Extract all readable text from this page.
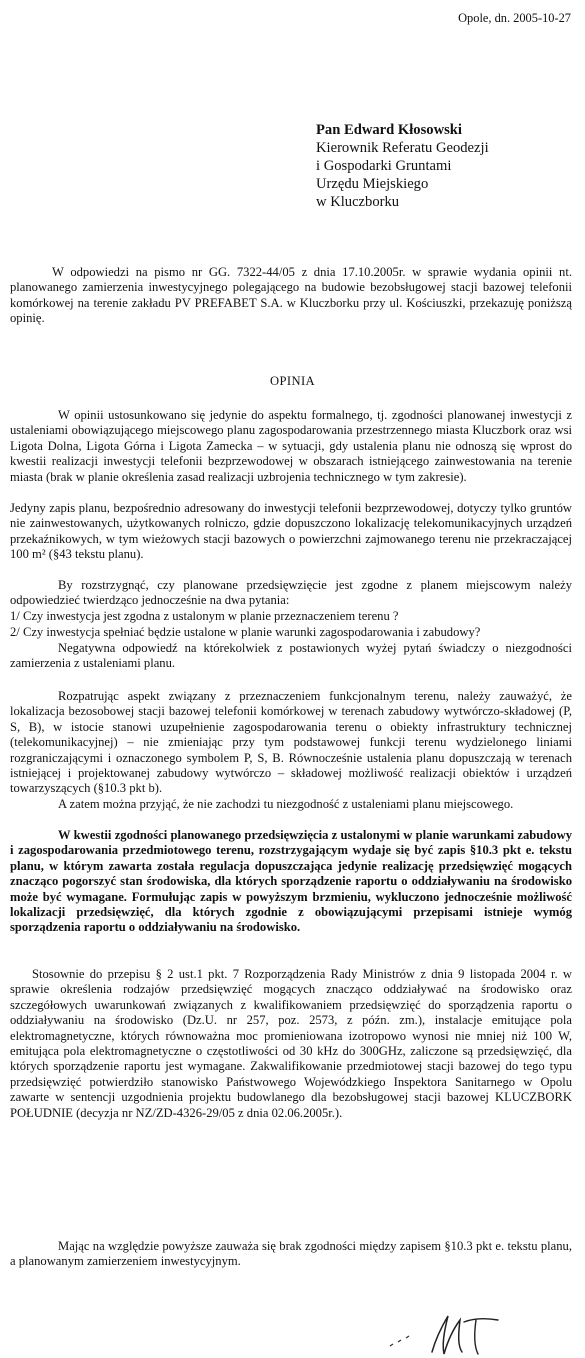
Opole, dn. 2005-10-27
Pan Edward Kłosowski
Kierownik Referatu Geodezji
i Gospodarki Gruntami
Urzędu Miejskiego
w Kluczborku

W odpowiedzi na pismo nr GG. 7322-44/05 z dnia 17.10.2005r. w sprawie wydania opinii nt. planowanego zamierzenia inwestycyjnego polegającego na budowie bezobsługowej stacji bazowej telefonii komórkowej na terenie zakładu PV PREFABET S.A. w Kluczborku przy ul. Kościuszki, przekazuję poniższą opinię.

OPINIA

W opinii ustosunkowano się jedynie do aspektu formalnego, tj. zgodności planowanej inwestycji z ustaleniami obowiązującego miejscowego planu zagospodarowania przestrzennego miasta Kluczbork oraz wsi Ligota Dolna, Ligota Górna i Ligota Zamecka – w sytuacji, gdy ustalenia planu nie odnoszą się wprost do kwestii realizacji inwestycji telefonii bezprzewodowej w obszarach istniejącego zainwestowania na terenie miasta (brak w planie określenia zasad realizacji uzbrojenia technicznego w tym zakresie).

Jedyny zapis planu, bezpośrednio adresowany do inwestycji telefonii bezprzewodowej, dotyczy tylko gruntów nie zainwestowanych, użytkowanych rolniczo, gdzie dopuszczono lokalizację telekomunikacyjnych urządzeń przekaźnikowych, w tym wieżowych stacji bazowych o powierzchni zajmowanego terenu nie przekraczającej 100 m² (§43 tekstu planu).

By rozstrzygnąć, czy planowane przedsięwzięcie jest zgodne z planem miejscowym należy odpowiedzieć twierdząco jednocześnie na dwa pytania:

1/ Czy inwestycja jest zgodna z ustalonym w planie przeznaczeniem terenu ?

2/ Czy inwestycja spełniać będzie ustalone w planie warunki zagospodarowania i zabudowy?

Negatywna odpowiedź na którekolwiek z postawionych wyżej pytań świadczy o niezgodności zamierzenia z ustaleniami planu.

Rozpatrując aspekt związany z przeznaczeniem funkcjonalnym terenu, należy zauważyć, że lokalizacja bezosobowej stacji bazowej telefonii komórkowej w terenach zabudowy wytwórczo-składowej (P, S, B), w istocie stanowi uzupełnienie zagospodarowania terenu o obiekty infrastruktury technicznej (telekomunikacyjnej) – nie zmieniając przy tym podstawowej funkcji terenu wydzielonego liniami rozgraniczającymi i oznaczonego symbolem P, S, B. Równocześnie ustalenia planu dopuszczają w terenach istniejącej i projektowanej zabudowy wytwórczo – składowej możliwość realizacji obiektów i urządzeń towarzyszących (§10.3 pkt b).

A zatem można przyjąć, że nie zachodzi tu niezgodność z ustaleniami planu miejscowego.

W kwestii zgodności planowanego przedsięwzięcia z ustalonymi w planie warunkami zabudowy i zagospodarowania przedmiotowego terenu, rozstrzygającym wydaje się być zapis §10.3 pkt e. tekstu planu, w którym zawarta została regulacja dopuszczająca jedynie realizację przedsięwzięć mogących znacząco pogorszyć stan środowiska, dla których sporządzenie raportu o oddziaływaniu na środowisko może być wymagane. Formułując zapis w powyższym brzmieniu, wykluczono jednocześnie możliwość lokalizacji przedsięwzięć, dla których zgodnie z obowiązującymi przepisami istnieje wymóg sporządzenia raportu o oddziaływaniu na środowisko.

Stosownie do przepisu § 2 ust.1 pkt. 7 Rozporządzenia Rady Ministrów z dnia 9 listopada 2004 r. w sprawie określenia rodzajów przedsięwzięć mogących znacząco oddziaływać na środowisko oraz szczegółowych uwarunkowań związanych z kwalifikowaniem przedsięwzięć do sporządzenia raportu o oddziaływaniu na środowisko (Dz.U. nr 257, poz. 2573, z późn. zm.), instalacje emitujące pola elektromagnetyczne, których równoważna moc promieniowana izotropowo wynosi nie mniej niż 100 W, emitująca pola elektromagnetyczne o częstotliwości od 30 kHz do 300GHz, zaliczone są przedsięwzięć, dla których sporządzenie raportu jest wymagane. Zakwalifikowanie przedmiotowej stacji bazowej do tego typu przedsięwzięć potwierdziło stanowisko Państwowego Wojewódzkiego Inspektora Sanitarnego w Opolu zawarte w sentencji uzgodnienia projektu budowlanego dla bezobsługowej stacji bazowej KLUCZBORK POŁUDNIE (decyzja nr NZ/ZD-4326-29/05 z dnia 02.06.2005r.).

Mając na względzie powyższe zauważa się brak zgodności między zapisem §10.3 pkt e. tekstu planu, a planowanym zamierzeniem inwestycyjnym.
